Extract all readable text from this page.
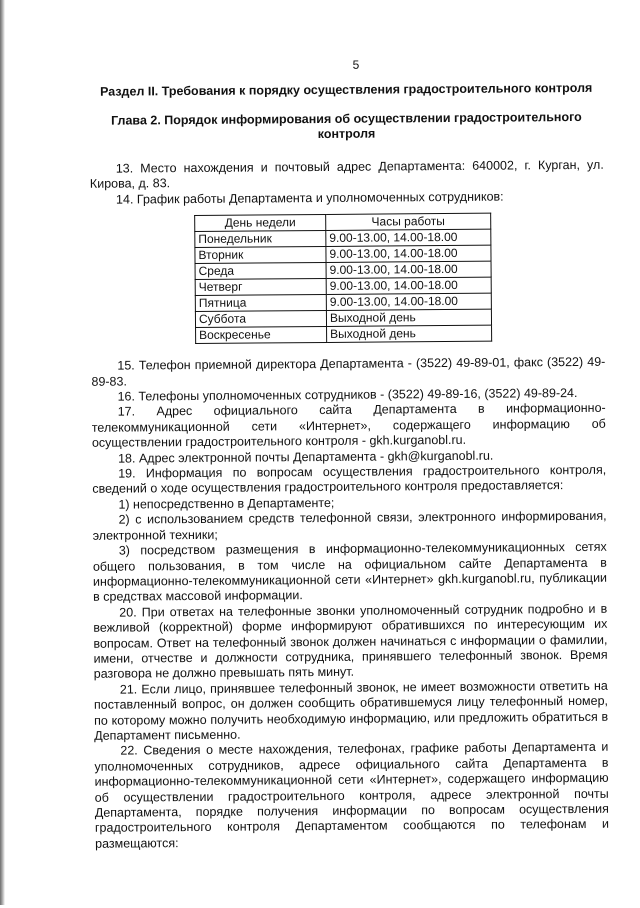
5
Раздел II. Требования к порядку осуществления градостроительного контроля
Глава 2. Порядок информирования об осуществлении градостроительного контроля

13. Место нахождения и почтовый адрес Департамента: 640002, г. Курган, ул. Кирова, д. 83.

14. График работы Департамента и уполномоченных сотрудников:

День недели	Часы работы
Понедельник	9.00-13.00, 14.00-18.00
Вторник	9.00-13.00, 14.00-18.00
Среда	9.00-13.00, 14.00-18.00
Четверг	9.00-13.00, 14.00-18.00
Пятница	9.00-13.00, 14.00-18.00
Суббота	Выходной день
Воскресенье	Выходной день

15. Телефон приемной директора Департамента - (3522) 49-89-01, факс (3522) 49-89-83.

16. Телефоны уполномоченных сотрудников - (3522) 49-89-16, (3522) 49-89-24.

17. Адрес официального сайта Департамента в информационно-телекоммуникационной сети «Интернет», содержащего информацию об осуществлении градостроительного контроля - gkh.kurganobl.ru.

18. Адрес электронной почты Департамента - gkh@kurganobl.ru.

19. Информация по вопросам осуществления градостроительного контроля, сведений о ходе осуществления градостроительного контроля предоставляется:

1) непосредственно в Департаменте;

2) с использованием средств телефонной связи, электронного информирования, электронной техники;

3) посредством размещения в информационно-телекоммуникационных сетях общего пользования, в том числе на официальном сайте Департамента в информационно-телекоммуникационной сети «Интернет» gkh.kurganobl.ru, публикации в средствах массовой информации.

20. При ответах на телефонные звонки уполномоченный сотрудник подробно и в вежливой (корректной) форме информируют обратившихся по интересующим их вопросам. Ответ на телефонный звонок должен начинаться с информации о фамилии, имени, отчестве и должности сотрудника, принявшего телефонный звонок. Время разговора не должно превышать пять минут.

21. Если лицо, принявшее телефонный звонок, не имеет возможности ответить на поставленный вопрос, он должен сообщить обратившемуся лицу телефонный номер, по которому можно получить необходимую информацию, или предложить обратиться в Департамент письменно.

22. Сведения о месте нахождения, телефонах, графике работы Департамента и уполномоченных сотрудников, адресе официального сайта Департамента в информационно-телекоммуникационной сети «Интернет», содержащего информацию об осуществлении градостроительного контроля, адресе электронной почты Департамента, порядке получения информации по вопросам осуществления градостроительного контроля Департаментом сообщаются по телефонам и размещаются:
